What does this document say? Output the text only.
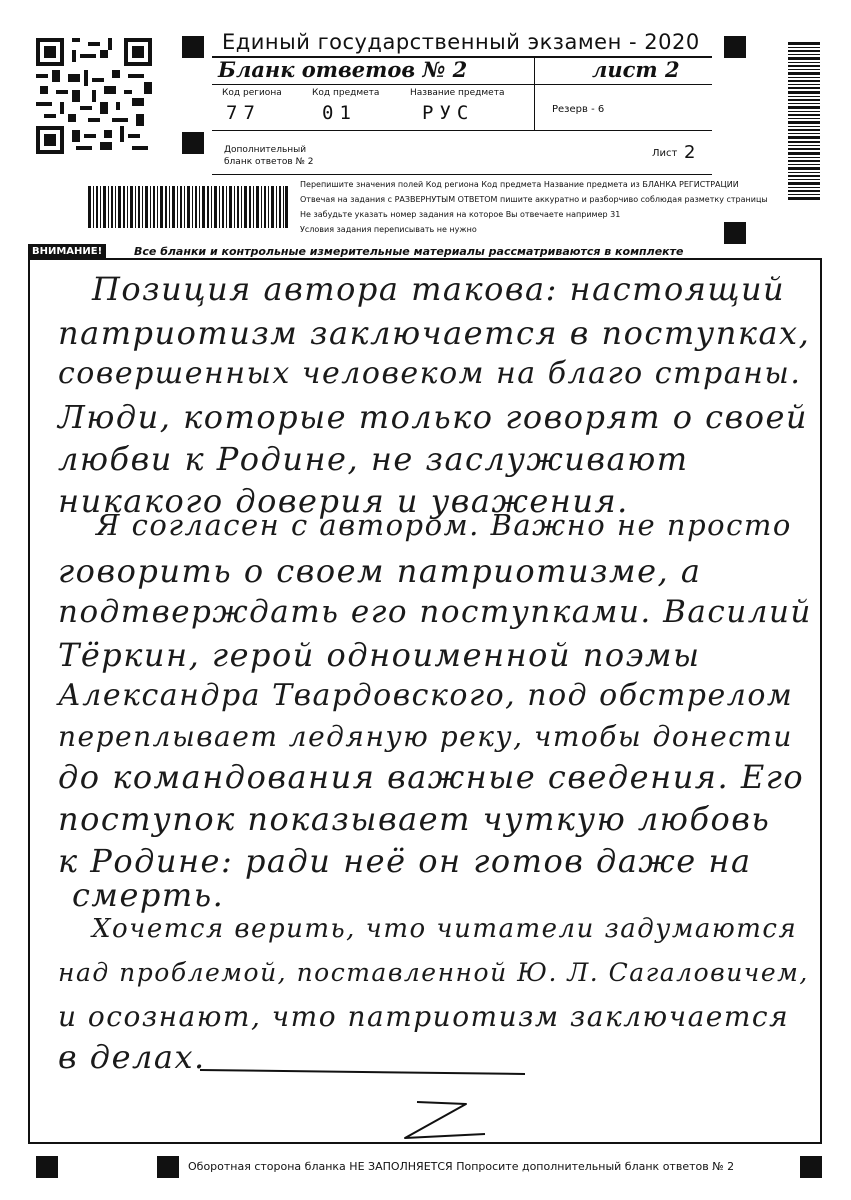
Единый государственный экзамен - 2020
Бланк ответов № 2	лист 2
Код региона
77
Код предмета
01
Название предмета
РУС	Резерв - 6
Дополнительный бланк ответов № 2
Лист 2
Перепишите значения полей Код региона Код предмета Название предмета из БЛАНКА РЕГИСТРАЦИИ
Отвечая на задания с РАЗВЕРНУТЫМ ОТВЕТОМ пишите аккуратно и разборчиво соблюдая разметку страницы
Не забудьте указать номер задания на которое Вы отвечаете например 31
Условия задания переписывать не нужно
ВНИМАНИЕ!	Все бланки и контрольные измерительные материалы рассматриваются в комплекте
Позиция автора такова: настоящий
патриотизм заключается в поступках,
совершенных человеком на благо страны.
Люди, которые только говорят о своей
любви к Родине, не заслуживают
никакого доверия и уважения.
Я согласен с автором. Важно не просто
говорить о своем патриотизме, а
подтверждать его поступками. Василий
Тёркин, герой одноименной поэмы
Александра Твардовского, под обстрелом
переплывает ледяную реку, чтобы донести
до командования важные сведения. Его
поступок показывает чуткую любовь
к Родине: ради неё он готов даже на
смерть.
Хочется верить, что читатели задумаются
над проблемой, поставленной Ю. Л. Сагаловичем,
и осознают, что патриотизм заключается
в делах.
Оборотная сторона бланка НЕ ЗАПОЛНЯЕТСЯ Попросите дополнительный бланк ответов № 2
